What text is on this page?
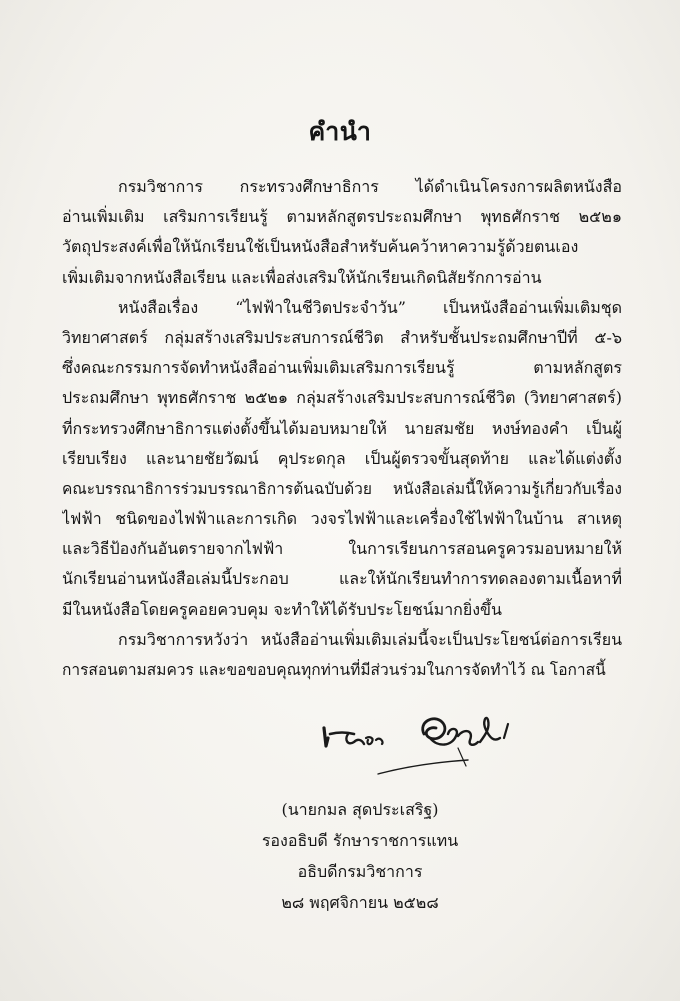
คำนำ
กรมวิชาการ กระทรวงศึกษาธิการ ได้ดำเนินโครงการผลิตหนังสือ
อ่านเพิ่มเติม เสริมการเรียนรู้ ตามหลักสูตรประถมศึกษา พุทธศักราช ๒๕๒๑
วัตถุประสงค์เพื่อให้นักเรียนใช้เป็นหนังสือสำหรับค้นคว้าหาความรู้ด้วยตนเอง
เพิ่มเติมจากหนังสือเรียน และเพื่อส่งเสริมให้นักเรียนเกิดนิสัยรักการอ่าน
หนังสือเรื่อง “ไฟฟ้าในชีวิตประจำวัน” เป็นหนังสืออ่านเพิ่มเติมชุด
วิทยาศาสตร์ กลุ่มสร้างเสริมประสบการณ์ชีวิต สำหรับชั้นประถมศึกษาปีที่ ๕-๖
ซึ่งคณะกรรมการจัดทำหนังสืออ่านเพิ่มเติมเสริมการเรียนรู้ ตามหลักสูตร
ประถมศึกษา พุทธศักราช ๒๕๒๑ กลุ่มสร้างเสริมประสบการณ์ชีวิต (วิทยาศาสตร์)
ที่กระทรวงศึกษาธิการแต่งตั้งขึ้นได้มอบหมายให้ นายสมชัย หงษ์ทองคำ เป็นผู้
เรียบเรียง และนายชัยวัฒน์ คุประดกุล เป็นผู้ตรวจขั้นสุดท้าย และได้แต่งตั้ง
คณะบรรณาธิการร่วมบรรณาธิการต้นฉบับด้วย หนังสือเล่มนี้ให้ความรู้เกี่ยวกับเรื่อง
ไฟฟ้า ชนิดของไฟฟ้าและการเกิด วงจรไฟฟ้าและเครื่องใช้ไฟฟ้าในบ้าน สาเหตุ
และวิธีป้องกันอันตรายจากไฟฟ้า ในการเรียนการสอนครูควรมอบหมายให้
นักเรียนอ่านหนังสือเล่มนี้ประกอบ และให้นักเรียนทำการทดลองตามเนื้อหาที่
มีในหนังสือโดยครูคอยควบคุม จะทำให้ได้รับประโยชน์มากยิ่งขึ้น
กรมวิชาการหวังว่า หนังสืออ่านเพิ่มเติมเล่มนี้จะเป็นประโยชน์ต่อการเรียน
การสอนตามสมควร และขอขอบคุณทุกท่านที่มีส่วนร่วมในการจัดทำไว้ ณ โอกาสนี้
(นายกมล สุดประเสริฐ)
รองอธิบดี รักษาราชการแทน
อธิบดีกรมวิชาการ
๒๘ พฤศจิกายน ๒๕๒๘
